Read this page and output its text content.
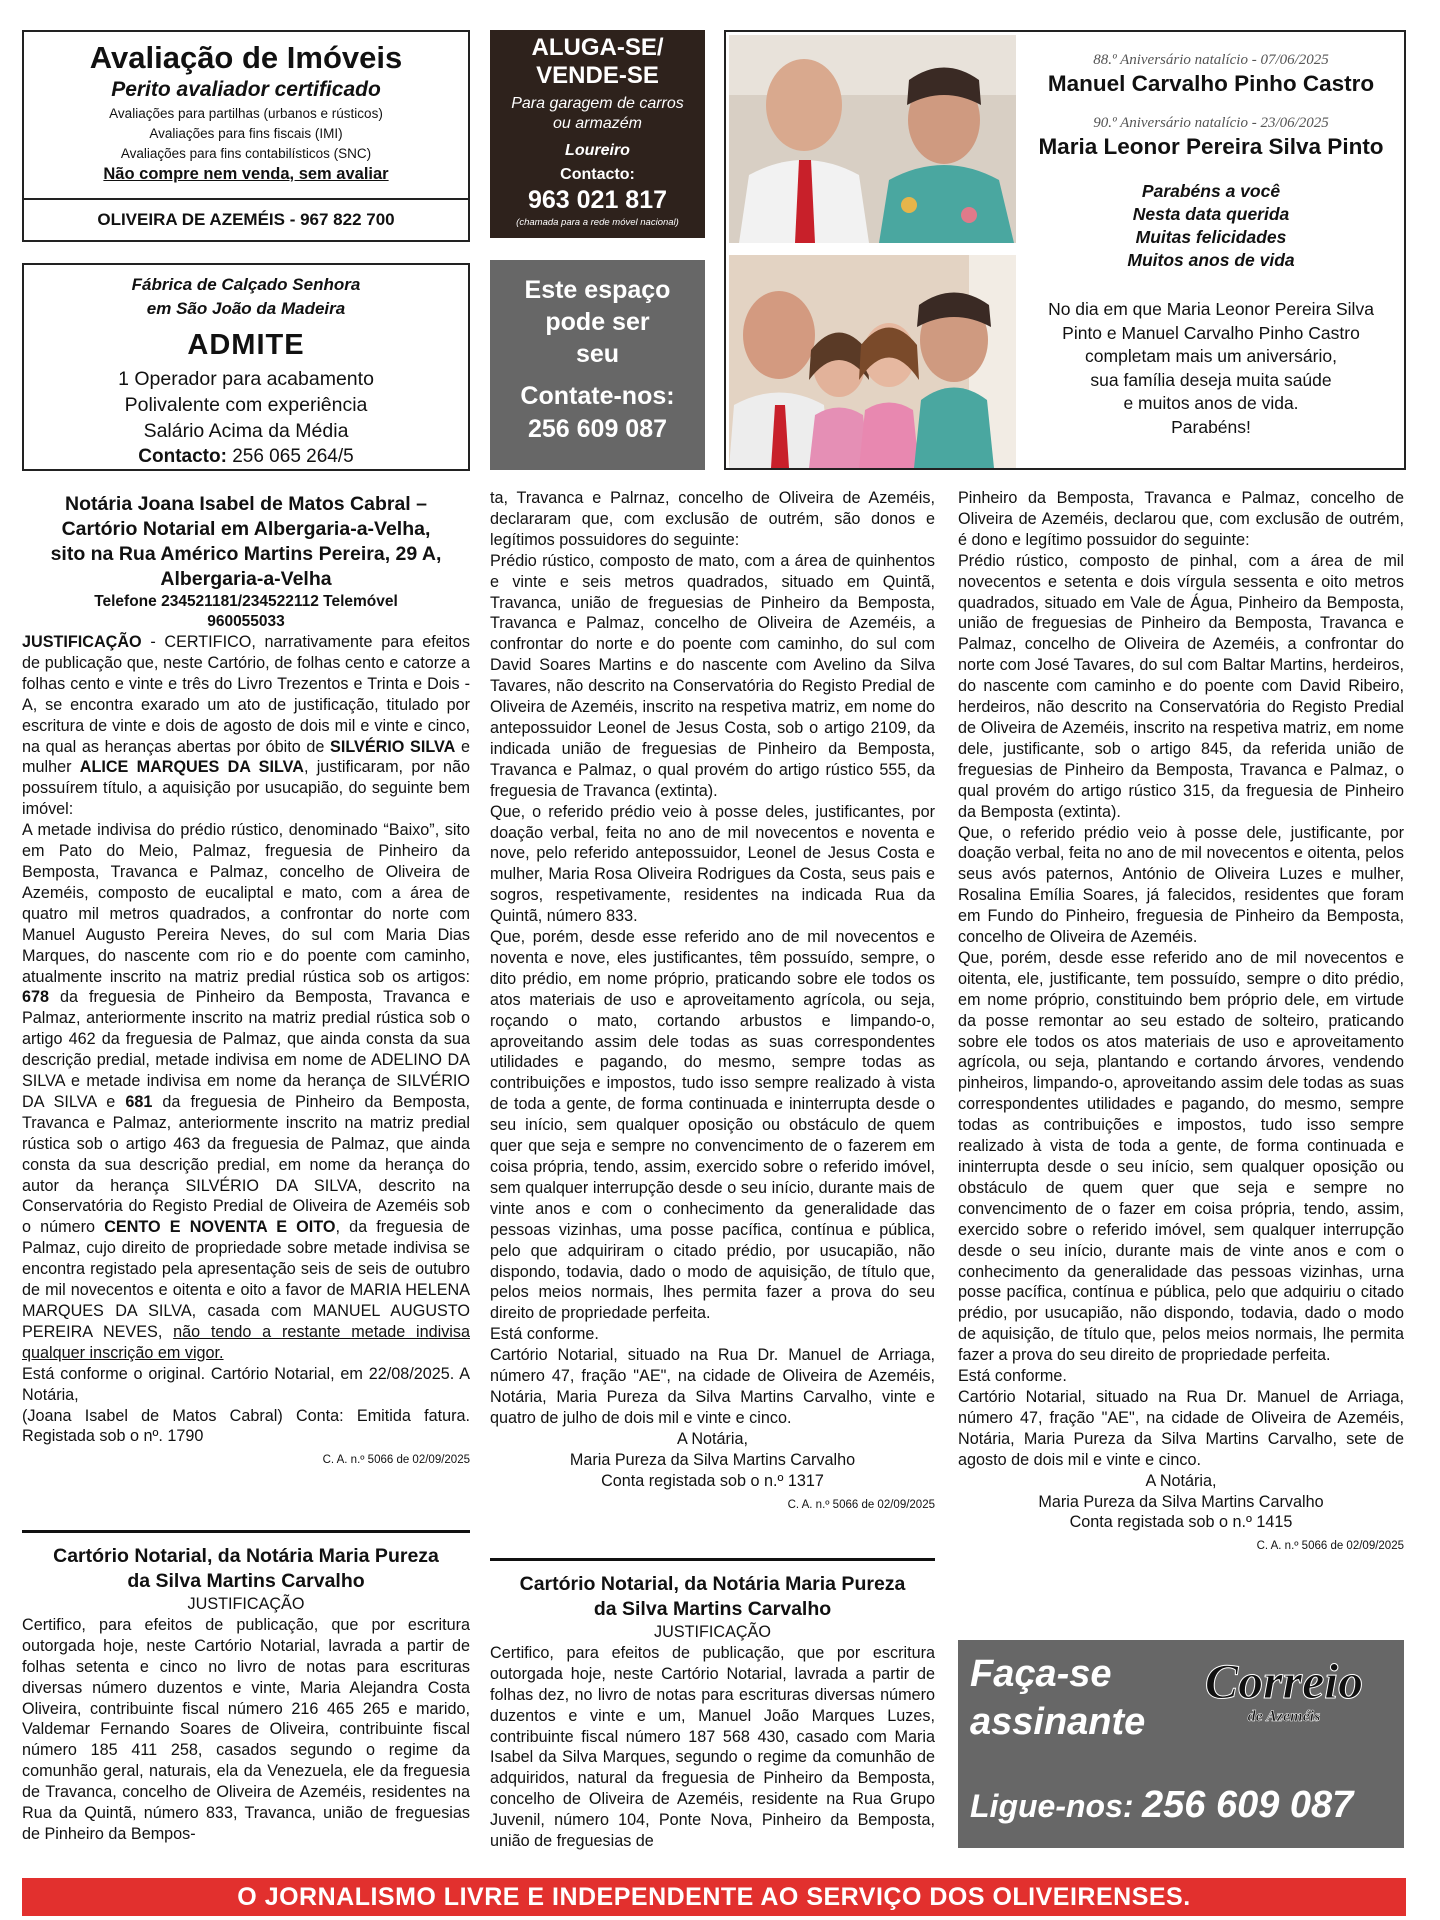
Avaliação de Imóveis
Perito avaliador certificado
Avaliações para partilhas (urbanos e rústicos)
Avaliações para fins fiscais (IMI)
Avaliações para fins contabilísticos (SNC)
Não compre nem venda, sem avaliar
OLIVEIRA DE AZEMÉIS - 967 822 700
Fábrica de Calçado Senhora
em São João da Madeira
ADMITE
1 Operador para acabamento
Polivalente com experiência
Salário Acima da Média
Contacto: 256 065 264/5
ALUGA-SE/
VENDE-SE
Para garagem de carros
ou armazém
Loureiro
Contacto:
963 021 817
(chamada para a rede móvel nacional)
Este espaço
pode ser
seu
Contate-nos:
256 609 087
88.º Aniversário natalício - 07/06/2025
Manuel Carvalho Pinho Castro
90.º Aniversário natalício - 23/06/2025
Maria Leonor Pereira Silva Pinto
Parabéns a você
Nesta data querida
Muitas felicidades
Muitos anos de vida
No dia em que Maria Leonor Pereira Silva
Pinto e Manuel Carvalho Pinho Castro
completam mais um aniversário,
sua família deseja muita saúde
e muitos anos de vida.
Parabéns!
Notária Joana Isabel de Matos Cabral –
Cartório Notarial em Albergaria-a-Velha,
sito na Rua Américo Martins Pereira, 29 A,
Albergaria-a-Velha
Telefone 234521181/234522112 Telemóvel
960055033

JUSTIFICAÇÃO - CERTIFICO, narrativamente para efeitos de publicação que, neste Cartório, de folhas cento e catorze a folhas cento e vinte e três do Livro Trezentos e Trinta e Dois - A, se encontra exarado um ato de justificação, titulado por escritura de vinte e dois de agosto de dois mil e vinte e cinco, na qual as heranças abertas por óbito de SILVÉRIO SILVA e mulher ALICE MARQUES DA SILVA, justificaram, por não possuírem título, a aquisição por usucapião, do seguinte bem imóvel:

A metade indivisa do prédio rústico, denominado “Baixo”, sito em Pato do Meio, Palmaz, freguesia de Pinheiro da Bemposta, Travanca e Palmaz, concelho de Oliveira de Azeméis, composto de eucaliptal e mato, com a área de quatro mil metros quadrados, a confrontar do norte com Manuel Augusto Pereira Neves, do sul com Maria Dias Marques, do nascente com rio e do poente com caminho, atualmente inscrito na matriz predial rústica sob os artigos: 678 da freguesia de Pinheiro da Bemposta, Travanca e Palmaz, anteriormente inscrito na matriz predial rústica sob o artigo 462 da freguesia de Palmaz, que ainda consta da sua descrição predial, metade indivisa em nome de ADELINO DA SILVA e metade indivisa em nome da herança de SILVÉRIO DA SILVA e 681 da freguesia de Pinheiro da Bemposta, Travanca e Palmaz, anteriormente inscrito na matriz predial rústica sob o artigo 463 da freguesia de Palmaz, que ainda consta da sua descrição predial, em nome da herança do autor da herança SILVÉRIO DA SILVA, descrito na Conservatória do Registo Predial de Oliveira de Azeméis sob o número CENTO E NOVENTA E OITO, da freguesia de Palmaz, cujo direito de propriedade sobre metade indivisa se encontra registado pela apresentação seis de seis de outubro de mil novecentos e oitenta e oito a favor de MARIA HELENA MARQUES DA SILVA, casada com MANUEL AUGUSTO PEREIRA NEVES, não tendo a restante metade indivisa qualquer inscrição em vigor.

Está conforme o original. Cartório Notarial, em 22/08/2025. A Notária,

(Joana Isabel de Matos Cabral) Conta: Emitida fatura. Registada sob o nº. 1790

C. A. n.º 5066 de 02/09/2025
Cartório Notarial, da Notária Maria Pureza
da Silva Martins Carvalho
JUSTIFICAÇÃO

Certifico, para efeitos de publicação, que por escritura outorgada hoje, neste Cartório Notarial, lavrada a partir de folhas setenta e cinco no livro de notas para escrituras diversas número duzentos e vinte, Maria Alejandra Costa Oliveira, contribuinte fiscal número 216 465 265 e marido, Valdemar Fernando Soares de Oliveira, contribuinte fiscal número 185 411 258, casados segundo o regime da comunhão geral, naturais, ela da Venezuela, ele da freguesia de Travanca, concelho de Oliveira de Azeméis, residentes na Rua da Quintã, número 833, Travanca, união de freguesias de Pinheiro da Bempos-

ta, Travanca e Palrnaz, concelho de Oliveira de Azeméis, declararam que, com exclusão de outrém, são donos e legítimos possuidores do seguinte:

Prédio rústico, composto de mato, com a área de quinhentos e vinte e seis metros quadrados, situado em Quintã, Travanca, união de freguesias de Pinheiro da Bemposta, Travanca e Palmaz, concelho de Oliveira de Azeméis, a confrontar do norte e do poente com caminho, do sul com David Soares Martins e do nascente com Avelino da Silva Tavares, não descrito na Conservatória do Registo Predial de Oliveira de Azeméis, inscrito na respetiva matriz, em nome do antepossuidor Leonel de Jesus Costa, sob o artigo 2109, da indicada união de freguesias de Pinheiro da Bemposta, Travanca e Palmaz, o qual provém do artigo rústico 555, da freguesia de Travanca (extinta).

Que, o referido prédio veio à posse deles, justificantes, por doação verbal, feita no ano de mil novecentos e noventa e nove, pelo referido antepossuidor, Leonel de Jesus Costa e mulher, Maria Rosa Oliveira Rodrigues da Costa, seus pais e sogros, respetivamente, residentes na indicada Rua da Quintã, número 833.

Que, porém, desde esse referido ano de mil novecentos e noventa e nove, eles justificantes, têm possuído, sempre, o dito prédio, em nome próprio, praticando sobre ele todos os atos materiais de uso e aproveitamento agrícola, ou seja, roçando o mato, cortando arbustos e limpando-o, aproveitando assim dele todas as suas correspondentes utilidades e pagando, do mesmo, sempre todas as contribuições e impostos, tudo isso sempre realizado à vista de toda a gente, de forma continuada e ininterrupta desde o seu início, sem qualquer oposição ou obstáculo de quem quer que seja e sempre no convencimento de o fazerem em coisa própria, tendo, assim, exercido sobre o referido imóvel, sem qualquer interrupção desde o seu início, durante mais de vinte anos e com o conhecimento da generalidade das pessoas vizinhas, uma posse pacífica, contínua e pública, pelo que adquiriram o citado prédio, por usucapião, não dispondo, todavia, dado o modo de aquisição, de título que, pelos meios normais, lhes permita fazer a prova do seu direito de propriedade perfeita.

Está conforme.

Cartório Notarial, situado na Rua Dr. Manuel de Arriaga, número 47, fração "AE", na cidade de Oliveira de Azeméis, Notária, Maria Pureza da Silva Martins Carvalho, vinte e quatro de julho de dois mil e vinte e cinco.

A Notária,
Maria Pureza da Silva Martins Carvalho
Conta registada sob o n.º 1317
C. A. n.º 5066 de 02/09/2025
Cartório Notarial, da Notária Maria Pureza
da Silva Martins Carvalho
JUSTIFICAÇÃO

Certifico, para efeitos de publicação, que por escritura outorgada hoje, neste Cartório Notarial, lavrada a partir de folhas dez, no livro de notas para escrituras diversas número duzentos e vinte e um, Manuel João Marques Luzes, contribuinte fiscal número 187 568 430, casado com Maria Isabel da Silva Marques, segundo o regime da comunhão de adquiridos, natural da freguesia de Pinheiro da Bemposta, concelho de Oliveira de Azeméis, residente na Rua Grupo Juvenil, número 104, Ponte Nova, Pinheiro da Bemposta, união de freguesias de

Pinheiro da Bemposta, Travanca e Palmaz, concelho de Oliveira de Azeméis, declarou que, com exclusão de outrém, é dono e legítimo possuidor do seguinte:

Prédio rústico, composto de pinhal, com a área de mil novecentos e setenta e dois vírgula sessenta e oito metros quadrados, situado em Vale de Água, Pinheiro da Bemposta, união de freguesias de Pinheiro da Bemposta, Travanca e Palmaz, concelho de Oliveira de Azeméis, a confrontar do norte com José Tavares, do sul com Baltar Martins, herdeiros, do nascente com caminho e do poente com David Ribeiro, herdeiros, não descrito na Conservatória do Registo Predial de Oliveira de Azeméis, inscrito na respetiva matriz, em nome dele, justificante, sob o artigo 845, da referida união de freguesias de Pinheiro da Bemposta, Travanca e Palmaz, o qual provém do artigo rústico 315, da freguesia de Pinheiro da Bemposta (extinta).

Que, o referido prédio veio à posse dele, justificante, por doação verbal, feita no ano de mil novecentos e oitenta, pelos seus avós paternos, António de Oliveira Luzes e mulher, Rosalina Emília Soares, já falecidos, residentes que foram em Fundo do Pinheiro, freguesia de Pinheiro da Bemposta, concelho de Oliveira de Azeméis.

Que, porém, desde esse referido ano de mil novecentos e oitenta, ele, justificante, tem possuído, sempre o dito prédio, em nome próprio, constituindo bem próprio dele, em virtude da posse remontar ao seu estado de solteiro, praticando sobre ele todos os atos materiais de uso e aproveitamento agrícola, ou seja, plantando e cortando árvores, vendendo pinheiros, limpando-o, aproveitando assim dele todas as suas correspondentes utilidades e pagando, do mesmo, sempre todas as contribuições e impostos, tudo isso sempre realizado à vista de toda a gente, de forma continuada e ininterrupta desde o seu início, sem qualquer oposição ou obstáculo de quem quer que seja e sempre no convencimento de o fazer em coisa própria, tendo, assim, exercido sobre o referido imóvel, sem qualquer interrupção desde o seu início, durante mais de vinte anos e com o conhecimento da generalidade das pessoas vizinhas, urna posse pacífica, contínua e pública, pelo que adquiriu o citado prédio, por usucapião, não dispondo, todavia, dado o modo de aquisição, de título que, pelos meios normais, lhe permita fazer a prova do seu direito de propriedade perfeita.

Está conforme.

Cartório Notarial, situado na Rua Dr. Manuel de Arriaga, número 47, fração "AE", na cidade de Oliveira de Azeméis, Notária, Maria Pureza da Silva Martins Carvalho, sete de agosto de dois mil e vinte e cinco.

A Notária,
Maria Pureza da Silva Martins Carvalho
Conta registada sob o n.º 1415
C. A. n.º 5066 de 02/09/2025
Faça-se
assinante
Correio
de Azeméis
Ligue-nos: 256 609 087
O JORNALISMO LIVRE E INDEPENDENTE AO SERVIÇO DOS OLIVEIRENSES.
